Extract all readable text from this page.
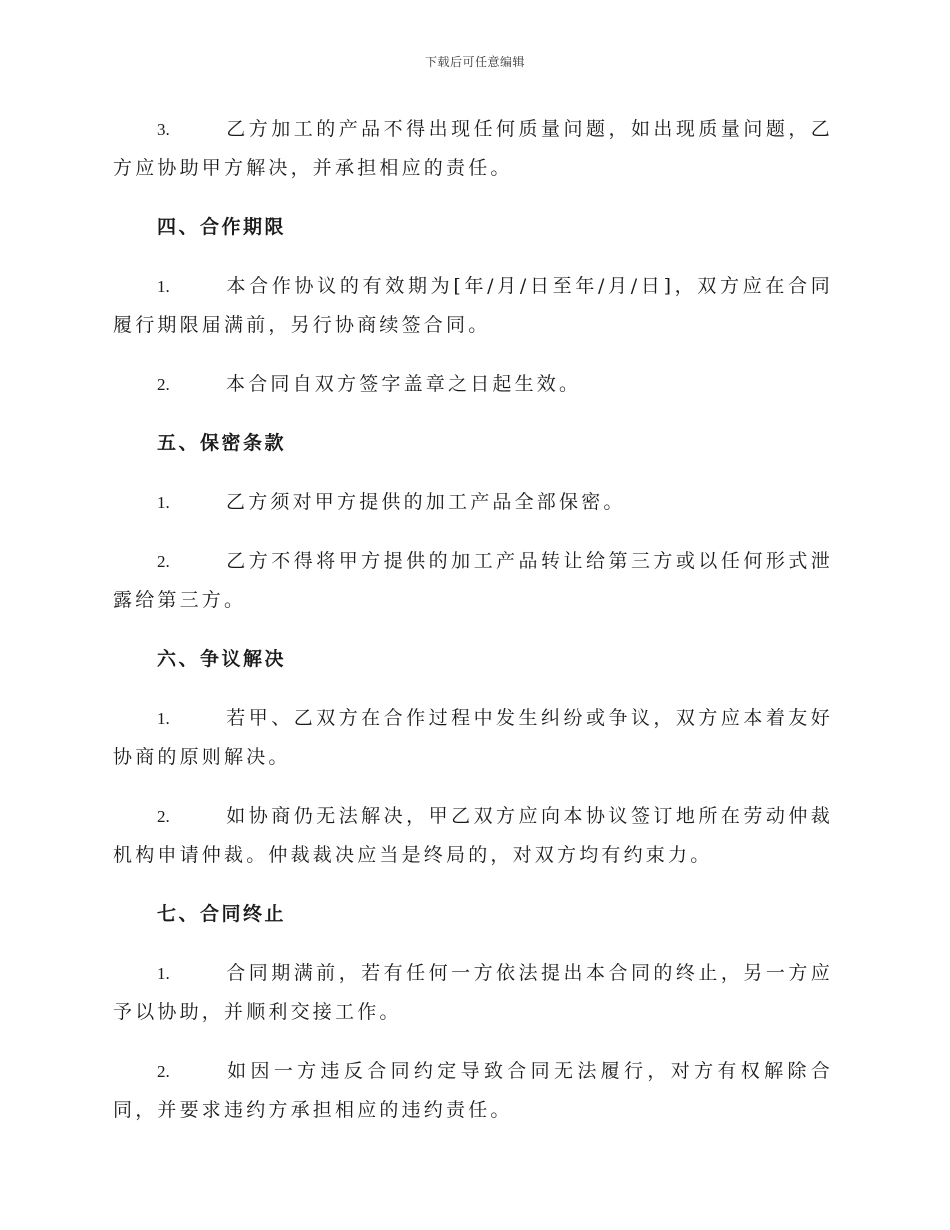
下载后可任意编辑

3.	乙方加工的产品不得出现任何质量问题，如出现质量问题，乙方应协助甲方解决，并承担相应的责任。

四、合作期限

1.	本合作协议的有效期为[年/月/日至年/月/日]，双方应在合同履行期限届满前，另行协商续签合同。

2.	本合同自双方签字盖章之日起生效。

五、保密条款

1.	乙方须对甲方提供的加工产品全部保密。

2.	乙方不得将甲方提供的加工产品转让给第三方或以任何形式泄露给第三方。

六、争议解决

1.	若甲、乙双方在合作过程中发生纠纷或争议，双方应本着友好协商的原则解决。

2.	如协商仍无法解决，甲乙双方应向本协议签订地所在劳动仲裁机构申请仲裁。仲裁裁决应当是终局的，对双方均有约束力。

七、合同终止

1.	合同期满前，若有任何一方依法提出本合同的终止，另一方应予以协助，并顺利交接工作。

2.	如因一方违反合同约定导致合同无法履行，对方有权解除合同，并要求违约方承担相应的违约责任。
